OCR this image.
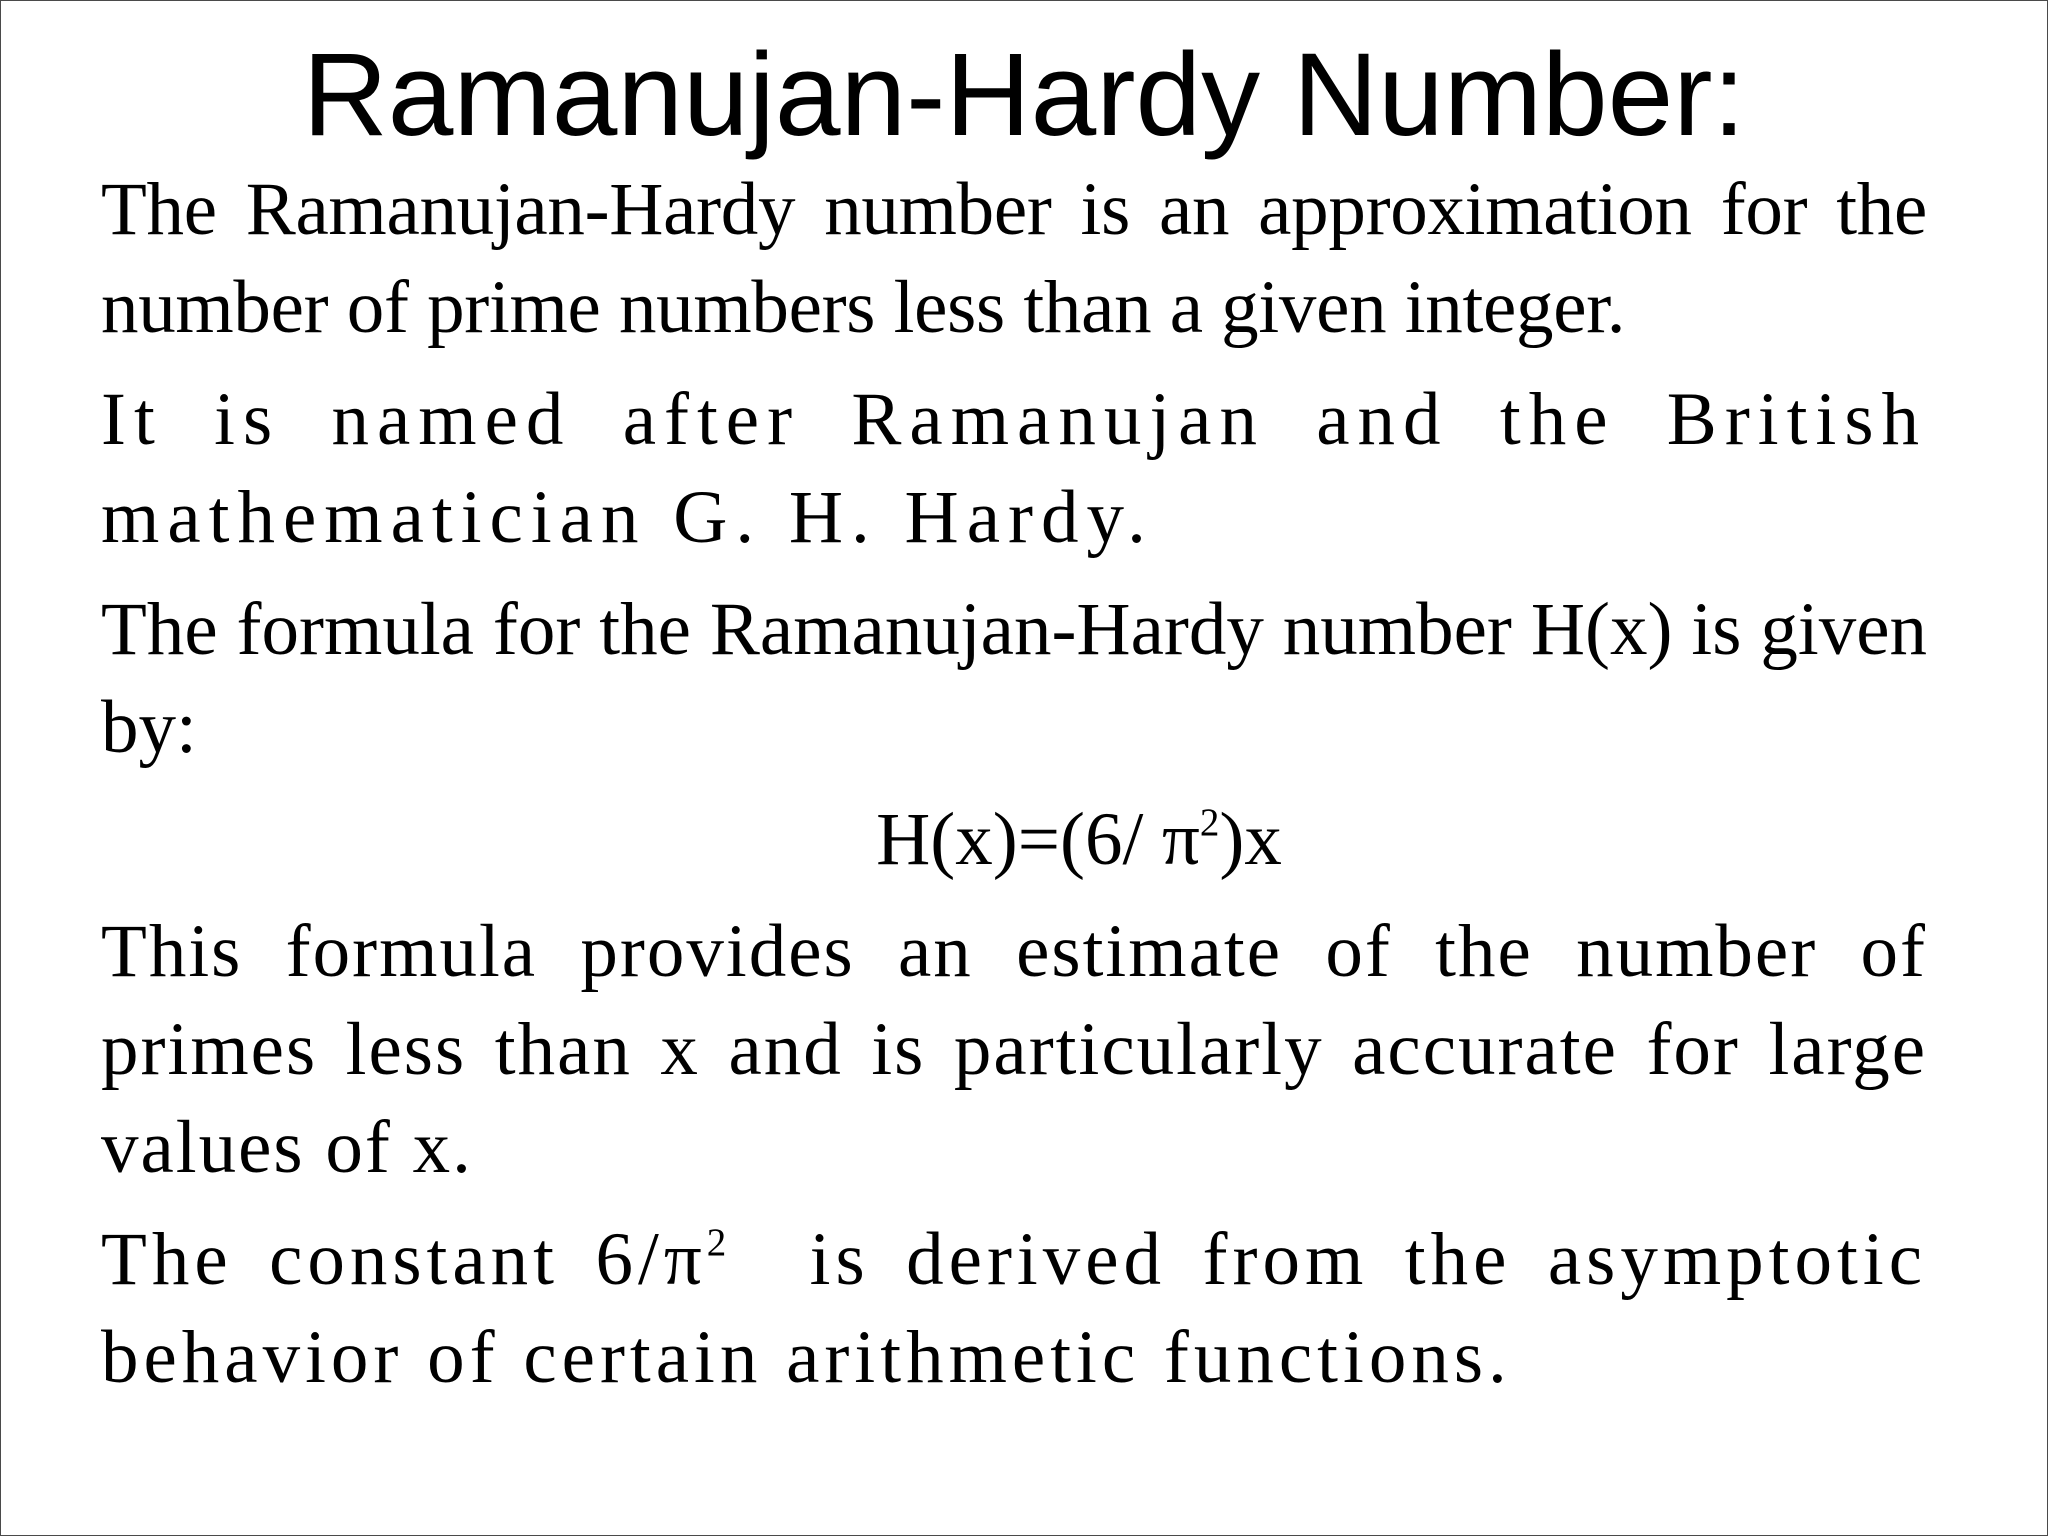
Ramanujan-Hardy Number:

The Ramanujan-Hardy number is an approximation for the number of prime numbers less than a given integer.

It is named after Ramanujan and the British mathematician G. H. Hardy.

The formula for the Ramanujan-Hardy number H(x) is given by:

H(x)=(6/ $\pi^2)x$

This formula provides an estimate of the number of primes less than x and is particularly accurate for large values of x.

The constant $6/\pi^2$ is derived from the asymptotic behavior of certain arithmetic functions.
